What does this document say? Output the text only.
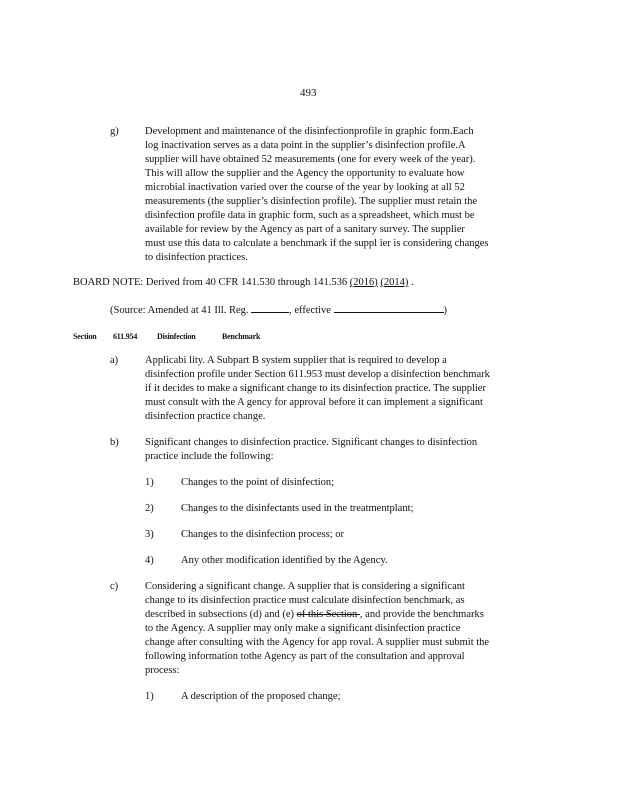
493
g)	Development and maintenance of the disinfectionprofile in graphic form.Each
log inactivation serves as a data point in the supplier’s disinfection profile.A
supplier will have obtained 52 measurements (one for every week of the year).
This will allow the supplier and the Agency the opportunity to evaluate how
microbial inactivation varied over the course of the year by looking at all 52
measurements (the supplier’s disinfection profile). The supplier must retain the
disinfection profile data in graphic form, such as a spreadsheet, which must be
available for review by the Agency as part of a sanitary survey. The supplier
must use this data to calculate a benchmark if the suppl ier is considering changes
to disinfection practices.
BOARD NOTE: Derived from 40 CFR 141.530 through 141.536 (2016) (2014) .
(Source: Amended at 41 Ill. Reg.	, effective	)
Section 611.954 Disinfection	Benchmark
a)	Applicabi lity. A Subpart B system supplier that is required to develop a
disinfection profile under Section 611.953 must develop a disinfection benchmark
if it decides to make a significant change to its disinfection practice. The supplier
must consult with the A gency for approval before it can implement a significant
disinfection practice change.
b)	Significant changes to disinfection practice. Significant changes to disinfection
practice include the following:
1)	Changes to the point of disinfection;
2)	Changes to the disinfectants used in the treatmentplant;
3)	Changes to the disinfection process; or
4)	Any other modification identified by the Agency.
c)	Considering a significant change. A supplier that is considering a significant
change to its disinfection practice must calculate disinfection benchmark, as
described in subsections (d) and (e) of this Section , and provide the benchmarks
to the Agency. A supplier may only make a significant disinfection practice
change after consulting with the Agency for app roval. A supplier must submit the
following information tothe Agency as part of the consultation and approval
process:
1)	A description of the proposed change;
